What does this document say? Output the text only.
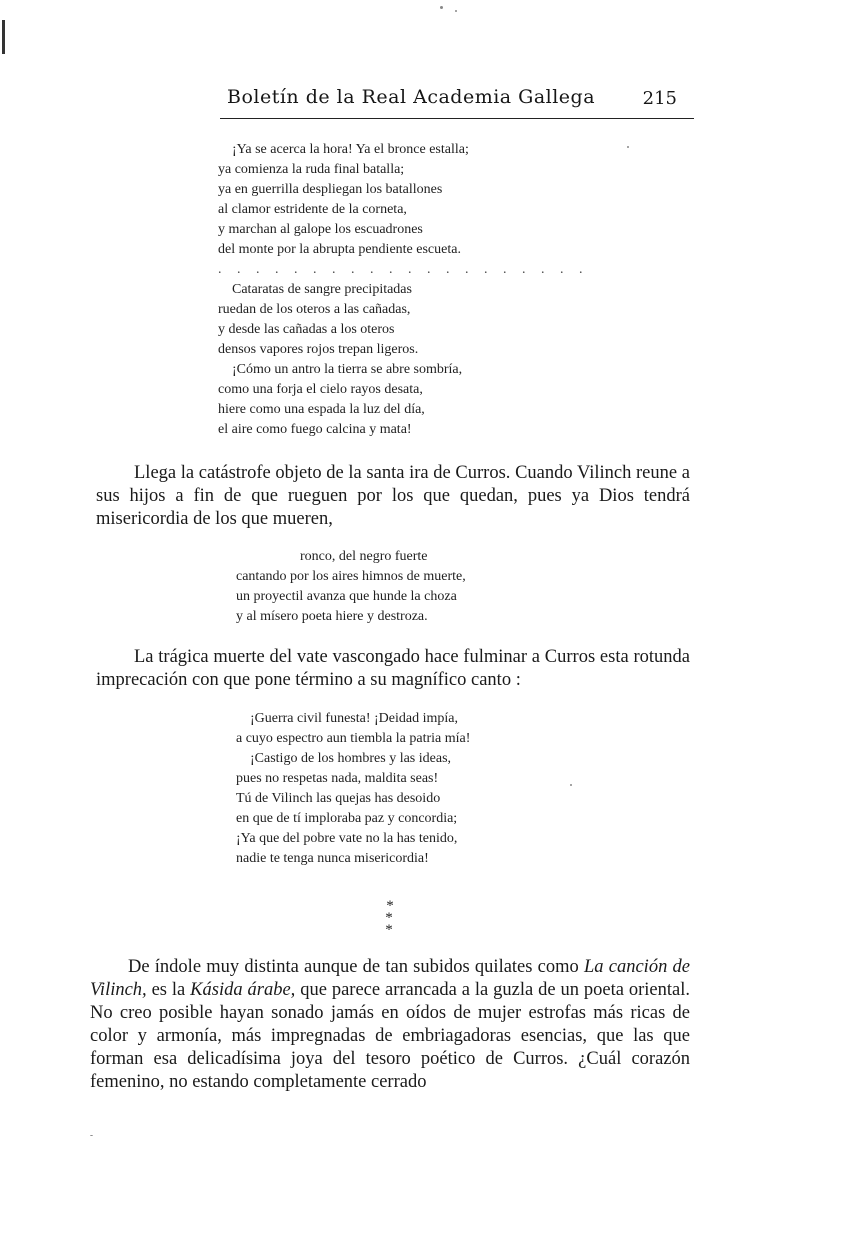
Boletín de la Real Academia Gallega	215
¡Ya se acerca la hora! Ya el bronce estalla;
ya comienza la ruda final batalla;
ya en guerrilla despliegan los batallones
al clamor estridente de la corneta,
y marchan al galope los escuadrones
del monte por la abrupta pendiente escueta.
. . . . . . . . . . . . . . . . . . . .
Cataratas de sangre precipitadas
ruedan de los oteros a las cañadas,
y desde las cañadas a los oteros
densos vapores rojos trepan ligeros.
¡Cómo un antro la tierra se abre sombría,
como una forja el cielo rayos desata,
hiere como una espada la luz del día,
el aire como fuego calcina y mata!

Llega la catástrofe objeto de la santa ira de Curros. Cuando Vilinch reune a sus hijos a fin de que rueguen por los que quedan, pues ya Dios tendrá misericordia de los que mueren,

ronco, del negro fuerte
cantando por los aires himnos de muerte,
un proyectil avanza que hunde la choza
y al mísero poeta hiere y destroza.

La trágica muerte del vate vascongado hace fulminar a Curros esta rotunda imprecación con que pone término a su magnífico canto :

¡Guerra civil funesta! ¡Deidad impía,
a cuyo espectro aun tiembla la patria mía!
¡Castigo de los hombres y las ideas,
pues no respetas nada, maldita seas!
Tú de Vilinch las quejas has desoido
en que de tí imploraba paz y concordia;
¡Ya que del pobre vate no la has tenido,
nadie te tenga nunca misericordia!
*
* *

De índole muy distinta aunque de tan subidos quilates como La canción de Vilinch, es la Kásida árabe, que parece arrancada a la guzla de un poeta oriental. No creo posible hayan sonado jamás en oídos de mujer estrofas más ricas de color y armonía, más impregnadas de embriagadoras esencias, que las que forman esa delicadísima joya del tesoro poético de Curros. ¿Cuál corazón femenino, no estando completamente cerrado
